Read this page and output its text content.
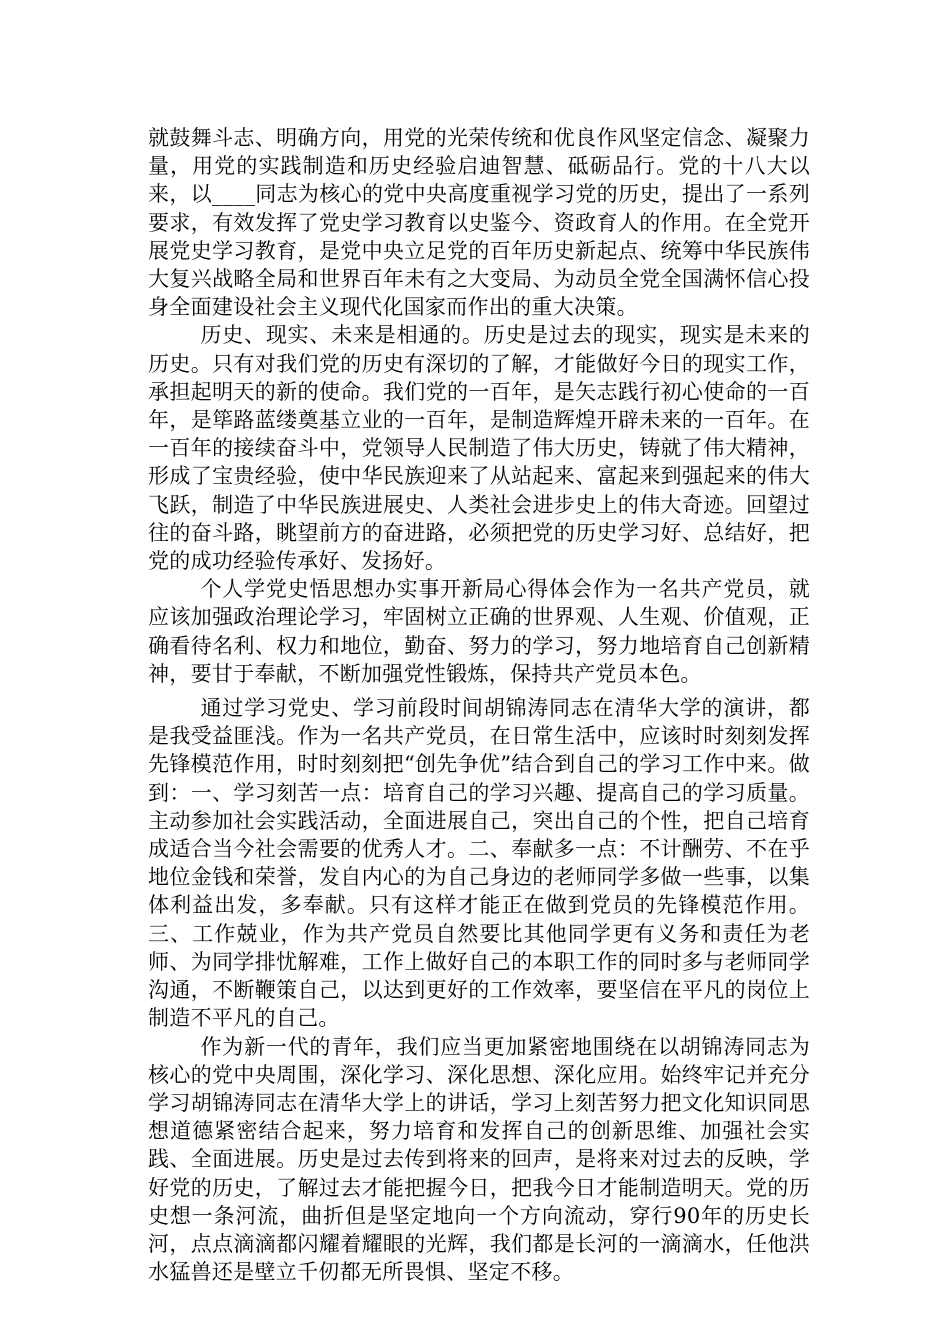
就鼓舞斗志、明确方向，用党的光荣传统和优良作风坚定信念、凝聚力量，用党的实践制造和历史经验启迪智慧、砥砺品行。党的十八大以来，以____同志为核心的党中央高度重视学习党的历史，提出了一系列要求，有效发挥了党史学习教育以史鉴今、资政育人的作用。在全党开展党史学习教育，是党中央立足党的百年历史新起点、统筹中华民族伟大复兴战略全局和世界百年未有之大变局、为动员全党全国满怀信心投身全面建设社会主义现代化国家而作出的重大决策。

历史、现实、未来是相通的。历史是过去的现实，现实是未来的历史。只有对我们党的历史有深切的了解，才能做好今日的现实工作，承担起明天的新的使命。我们党的一百年，是矢志践行初心使命的一百年，是筚路蓝缕奠基立业的一百年，是制造辉煌开辟未来的一百年。在一百年的接续奋斗中，党领导人民制造了伟大历史，铸就了伟大精神，形成了宝贵经验，使中华民族迎来了从站起来、富起来到强起来的伟大飞跃，制造了中华民族进展史、人类社会进步史上的伟大奇迹。回望过往的奋斗路，眺望前方的奋进路，必须把党的历史学习好、总结好，把党的成功经验传承好、发扬好。

个人学党史悟思想办实事开新局心得体会作为一名共产党员，就应该加强政治理论学习，牢固树立正确的世界观、人生观、价值观，正确看待名利、权力和地位，勤奋、努力的学习，努力地培育自己创新精神，要甘于奉献，不断加强党性锻炼，保持共产党员本色。

通过学习党史、学习前段时间胡锦涛同志在清华大学的演讲，都是我受益匪浅。作为一名共产党员，在日常生活中，应该时时刻刻发挥先锋模范作用，时时刻刻把“创先争优”结合到自己的学习工作中来。做到：一、学习刻苦一点：培育自己的学习兴趣、提高自己的学习质量。主动参加社会实践活动，全面进展自己，突出自己的个性，把自己培育成适合当今社会需要的优秀人才。二、奉献多一点：不计酬劳、不在乎地位金钱和荣誉，发自内心的为自己身边的老师同学多做一些事，以集体利益出发，多奉献。只有这样才能正在做到党员的先锋模范作用。三、工作兢业，作为共产党员自然要比其他同学更有义务和责任为老师、为同学排忧解难，工作上做好自己的本职工作的同时多与老师同学沟通，不断鞭策自己，以达到更好的工作效率，要坚信在平凡的岗位上制造不平凡的自己。

作为新一代的青年，我们应当更加紧密地围绕在以胡锦涛同志为核心的党中央周围，深化学习、深化思想、深化应用。始终牢记并充分学习胡锦涛同志在清华大学上的讲话，学习上刻苦努力把文化知识同思想道德紧密结合起来，努力培育和发挥自己的创新思维、加强社会实践、全面进展。历史是过去传到将来的回声，是将来对过去的反映，学好党的历史，了解过去才能把握今日，把我今日才能制造明天。党的历史想一条河流，曲折但是坚定地向一个方向流动，穿行90年的历史长河，点点滴滴都闪耀着耀眼的光辉，我们都是长河的一滴滴水，任他洪水猛兽还是壁立千仞都无所畏惧、坚定不移。
